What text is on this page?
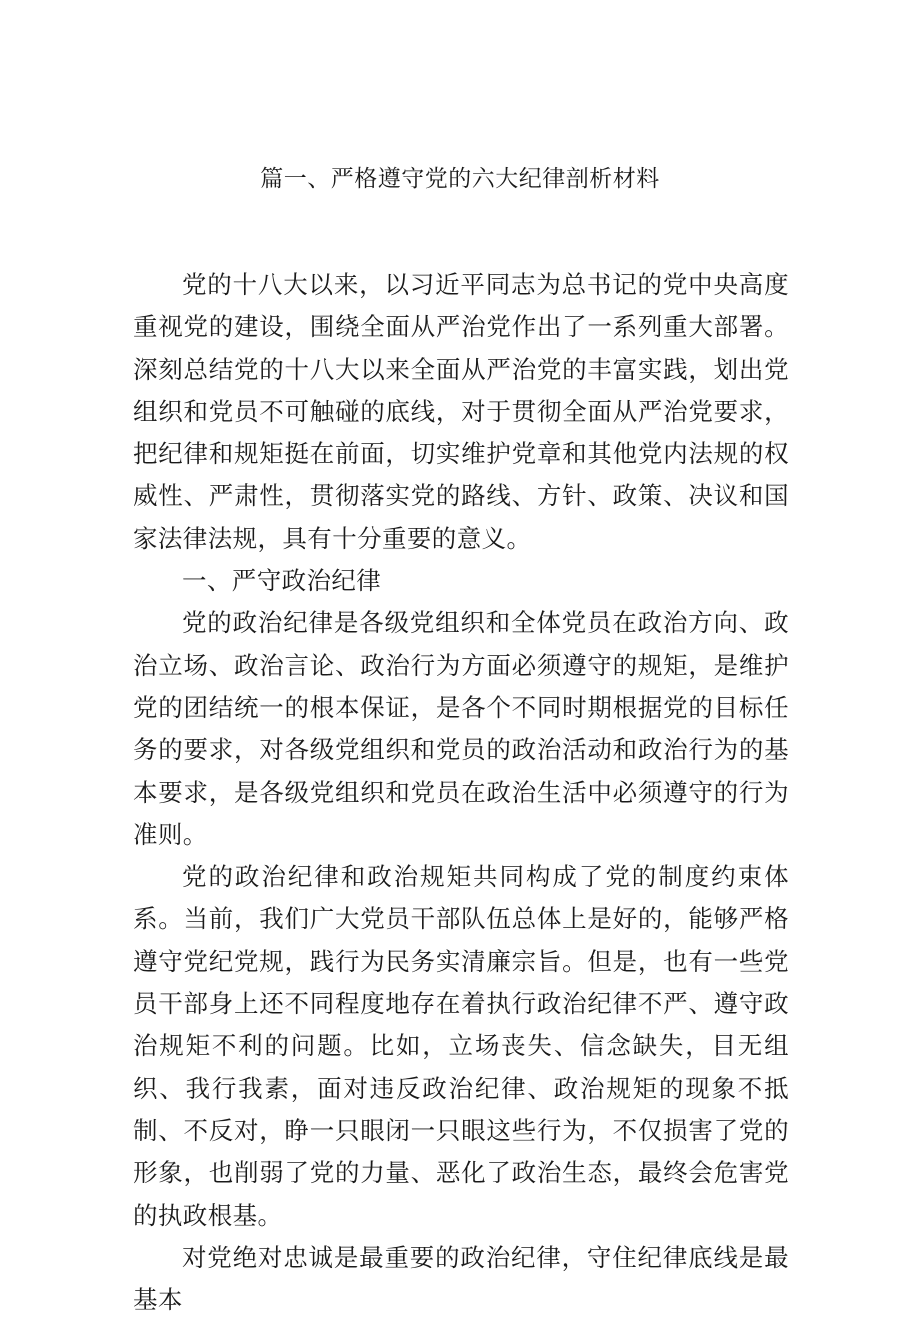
篇一、严格遵守党的六大纪律剖析材料

党的十八大以来，以习近平同志为总书记的党中央高度重视党的建设，围绕全面从严治党作出了一系列重大部署。深刻总结党的十八大以来全面从严治党的丰富实践，划出党组织和党员不可触碰的底线，对于贯彻全面从严治党要求，把纪律和规矩挺在前面，切实维护党章和其他党内法规的权威性、严肃性，贯彻落实党的路线、方针、政策、决议和国家法律法规，具有十分重要的意义。

一、严守政治纪律

党的政治纪律是各级党组织和全体党员在政治方向、政治立场、政治言论、政治行为方面必须遵守的规矩，是维护党的团结统一的根本保证，是各个不同时期根据党的目标任务的要求，对各级党组织和党员的政治活动和政治行为的基本要求，是各级党组织和党员在政治生活中必须遵守的行为准则。

党的政治纪律和政治规矩共同构成了党的制度约束体系。当前，我们广大党员干部队伍总体上是好的，能够严格遵守党纪党规，践行为民务实清廉宗旨。但是，也有一些党员干部身上还不同程度地存在着执行政治纪律不严、遵守政治规矩不利的问题。比如，立场丧失、信念缺失，目无组织、我行我素，面对违反政治纪律、政治规矩的现象不抵制、不反对，睁一只眼闭一只眼这些行为，不仅损害了党的形象，也削弱了党的力量、恶化了政治生态，最终会危害党的执政根基。

对党绝对忠诚是最重要的政治纪律，守住纪律底线是最基本
